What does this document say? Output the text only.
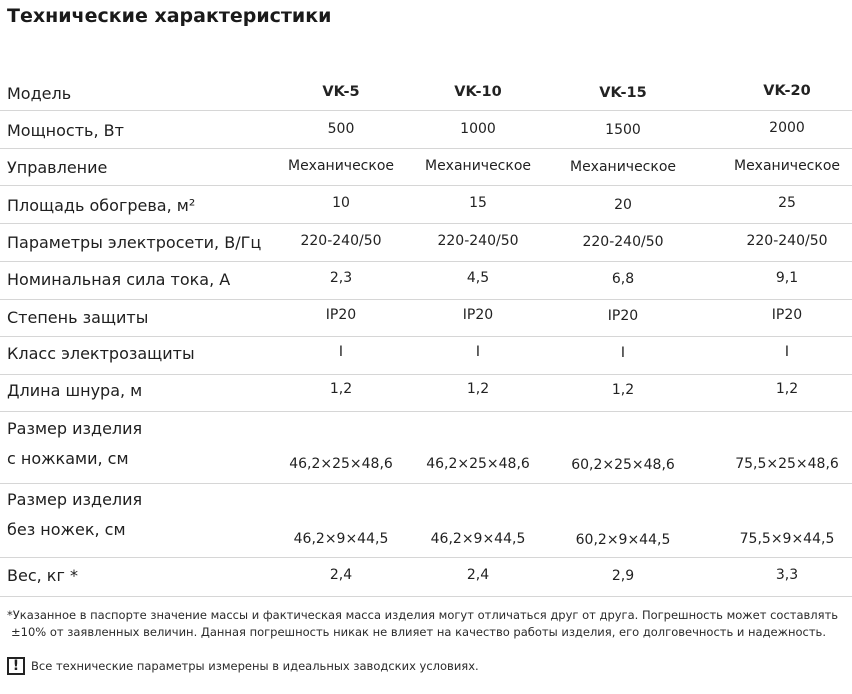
Технические характеристики
Модель	VK-5	VK-10	VK-15	VK-20
Мощность, Вт	500	1000	1500	2000
Управление	Механическое	Механическое	Механическое	Механическое
Площадь обогрева, м²	10	15	20	25
Параметры электросети, В/Гц	220-240/50	220-240/50	220-240/50	220-240/50
Номинальная сила тока, А	2,3	4,5	6,8	9,1
Степень защиты	IP20	IP20	IP20	IP20
Класс электрозащиты	I	I	I	I
Длина шнура, м	1,2	1,2	1,2	1,2
Размер изделия
с ножками, см	46,2×25×48,6	46,2×25×48,6	60,2×25×48,6	75,5×25×48,6
Размер изделия
без ножек, см	46,2×9×44,5	46,2×9×44,5	60,2×9×44,5	75,5×9×44,5
Вес, кг *	2,4	2,4	2,9	3,3
*Указанное в паспорте значение массы и фактическая масса изделия могут отличаться друг от друга. Погрешность может составлять
±10% от заявленных величин. Данная погрешность никак не влияет на качество работы изделия, его долговечность и надежность.
!	Все технические параметры измерены в идеальных заводских условиях.
